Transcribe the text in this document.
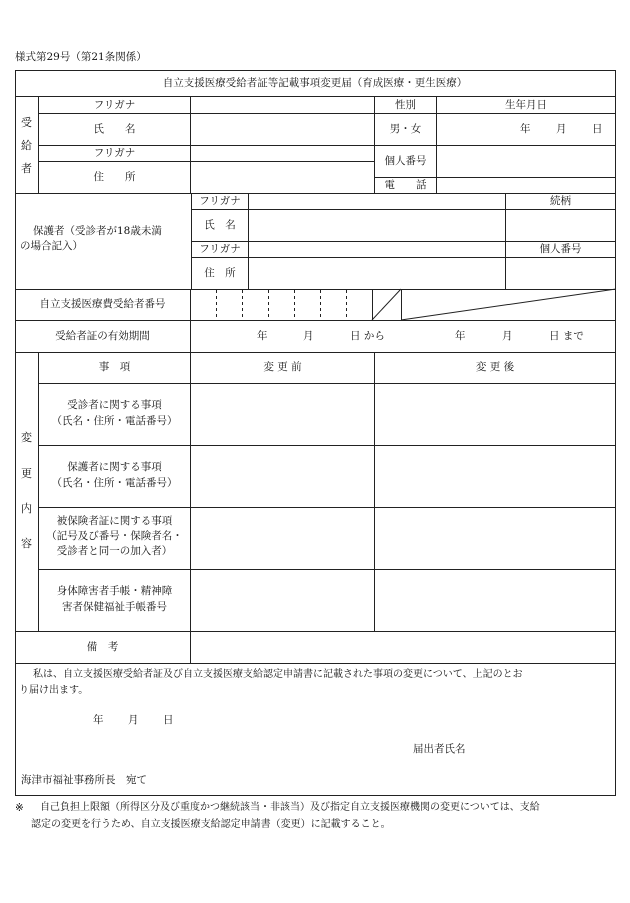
様式第29号（第21条関係）
自立支援医療受給者証等記載事項変更届（育成医療・更生医療）
受
給
者
フリガナ
氏　　名
フリガナ
住　　所
性別
男・女
生年月日
年 月 日
個人番号
電　　話
保護者（受診者が18歳未満
の場合記入）
フリガナ
氏　名
フリガナ
住　所
続柄
個人番号
自立支援医療費受給者番号
受給者証の有効期間	年	月	日 から	年	月	日 まで
変
更
内
容
事　項	変 更 前	変 更 後
受診者に関する事項
（氏名・住所・電話番号）
保護者に関する事項
（氏名・住所・電話番号）
被保険者証に関する事項
（記号及び番号・保険者名・
受診者と同一の加入者）
身体障害者手帳・精神障
害者保健福祉手帳番号
備　考
私は、自立支援医療受給者証及び自立支援医療支給認定申請書に記載された事項の変更について、上記のとお
り届け出ます。
年 月 日
届出者氏名
海津市福祉事務所長　宛て
※ 自己負担上限額（所得区分及び重度かつ継続該当・非該当）及び指定自立支援医療機関の変更については、支給
認定の変更を行うため、自立支援医療支給認定申請書（変更）に記載すること。
